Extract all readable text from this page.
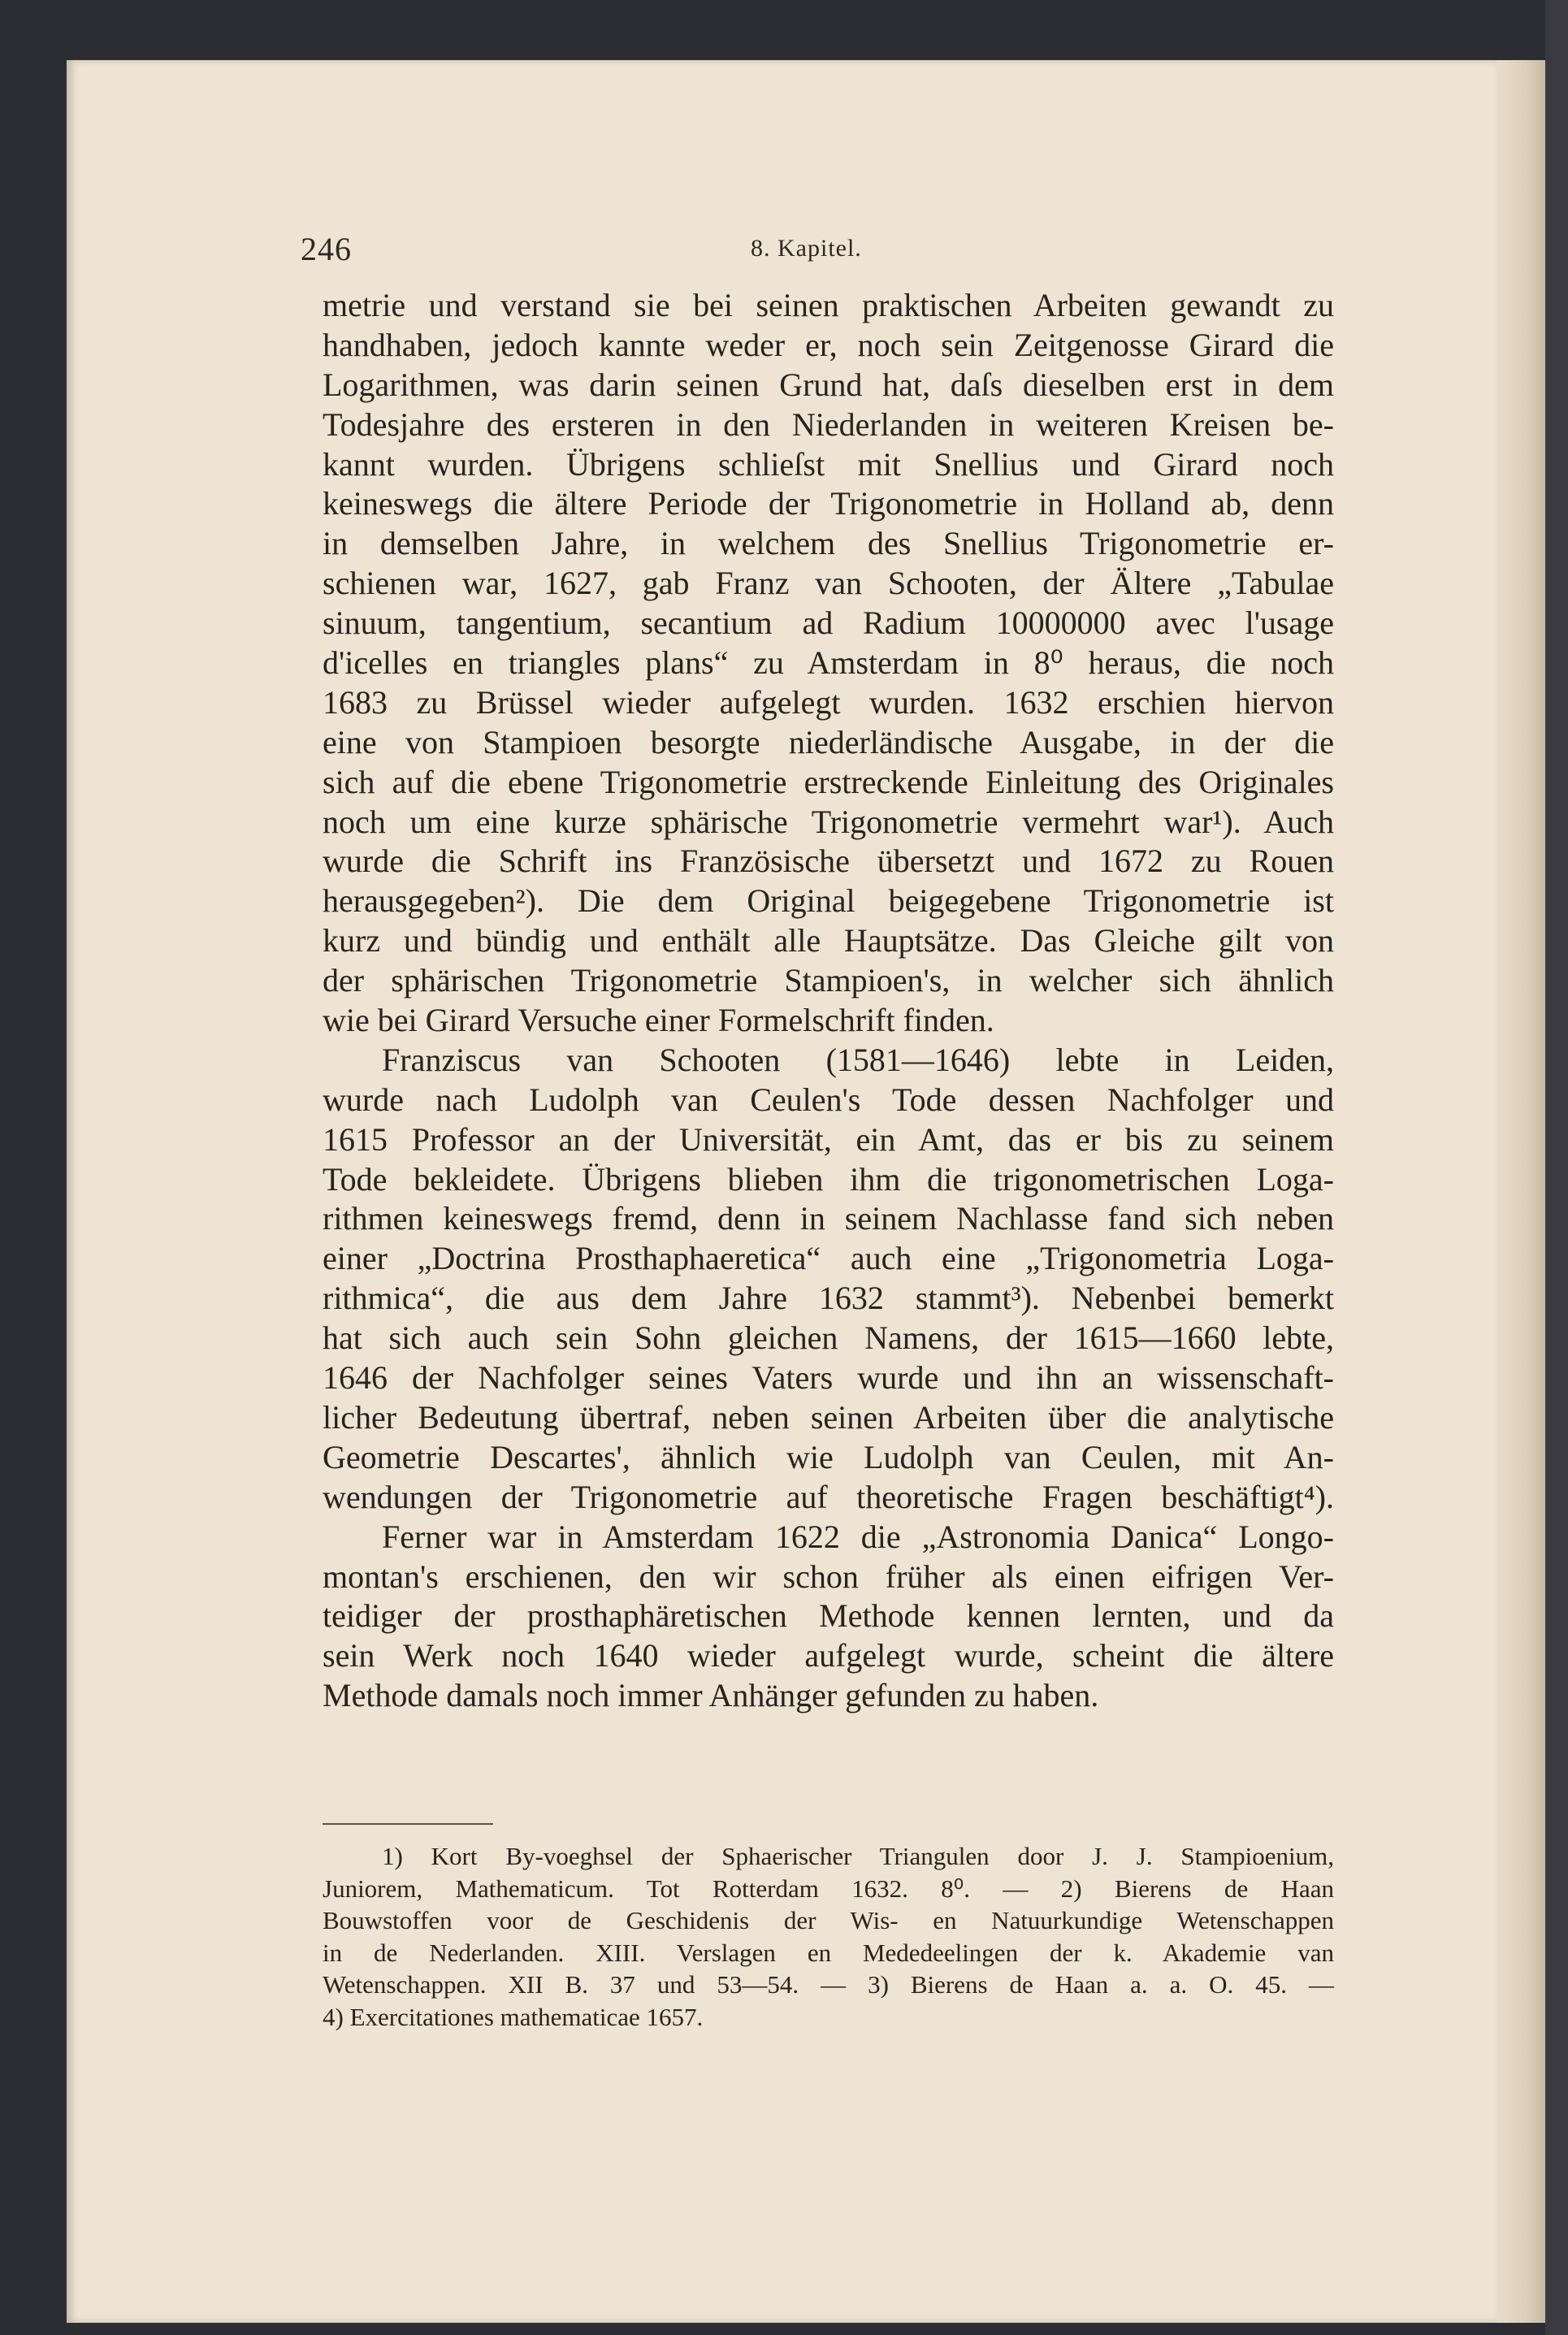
246	8. Kapitel.
metrie und verstand sie bei seinen praktischen Arbeiten gewandt zu
handhaben, jedoch kannte weder er, noch sein Zeitgenosse Girard die
Logarithmen, was darin seinen Grund hat, daſs dieselben erst in dem
Todesjahre des ersteren in den Niederlanden in weiteren Kreisen be-
kannt wurden. Übrigens schlieſst mit Snellius und Girard noch
keineswegs die ältere Periode der Trigonometrie in Holland ab, denn
in demselben Jahre, in welchem des Snellius Trigonometrie er-
schienen war, 1627, gab Franz van Schooten, der Ältere „Tabulae
sinuum, tangentium, secantium ad Radium 10000000 avec l'usage
d'icelles en triangles plans“ zu Amsterdam in 8⁰ heraus, die noch
1683 zu Brüssel wieder aufgelegt wurden. 1632 erschien hiervon
eine von Stampioen besorgte niederländische Ausgabe, in der die
sich auf die ebene Trigonometrie erstreckende Einleitung des Originales
noch um eine kurze sphärische Trigonometrie vermehrt war¹). Auch
wurde die Schrift ins Französische übersetzt und 1672 zu Rouen
herausgegeben²). Die dem Original beigegebene Trigonometrie ist
kurz und bündig und enthält alle Hauptsätze. Das Gleiche gilt von
der sphärischen Trigonometrie Stampioen's, in welcher sich ähnlich
wie bei Girard Versuche einer Formelschrift finden.
Franziscus van Schooten (1581—1646) lebte in Leiden,
wurde nach Ludolph van Ceulen's Tode dessen Nachfolger und
1615 Professor an der Universität, ein Amt, das er bis zu seinem
Tode bekleidete. Übrigens blieben ihm die trigonometrischen Loga-
rithmen keineswegs fremd, denn in seinem Nachlasse fand sich neben
einer „Doctrina Prosthaphaeretica“ auch eine „Trigonometria Loga-
rithmica“, die aus dem Jahre 1632 stammt³). Nebenbei bemerkt
hat sich auch sein Sohn gleichen Namens, der 1615—1660 lebte,
1646 der Nachfolger seines Vaters wurde und ihn an wissenschaft-
licher Bedeutung übertraf, neben seinen Arbeiten über die analytische
Geometrie Descartes', ähnlich wie Ludolph van Ceulen, mit An-
wendungen der Trigonometrie auf theoretische Fragen beschäftigt⁴).
Ferner war in Amsterdam 1622 die „Astronomia Danica“ Longo-
montan's erschienen, den wir schon früher als einen eifrigen Ver-
teidiger der prosthaphäretischen Methode kennen lernten, und da
sein Werk noch 1640 wieder aufgelegt wurde, scheint die ältere
Methode damals noch immer Anhänger gefunden zu haben.
1) Kort By-voeghsel der Sphaerischer Triangulen door J. J. Stampioenium,
Juniorem, Mathematicum. Tot Rotterdam 1632. 8⁰. — 2) Bierens de Haan
Bouwstoffen voor de Geschidenis der Wis- en Natuurkundige Wetenschappen
in de Nederlanden. XIII. Verslagen en Mededeelingen der k. Akademie van
Wetenschappen. XII B. 37 und 53—54. — 3) Bierens de Haan a. a. O. 45. —
4) Exercitationes mathematicae 1657.
